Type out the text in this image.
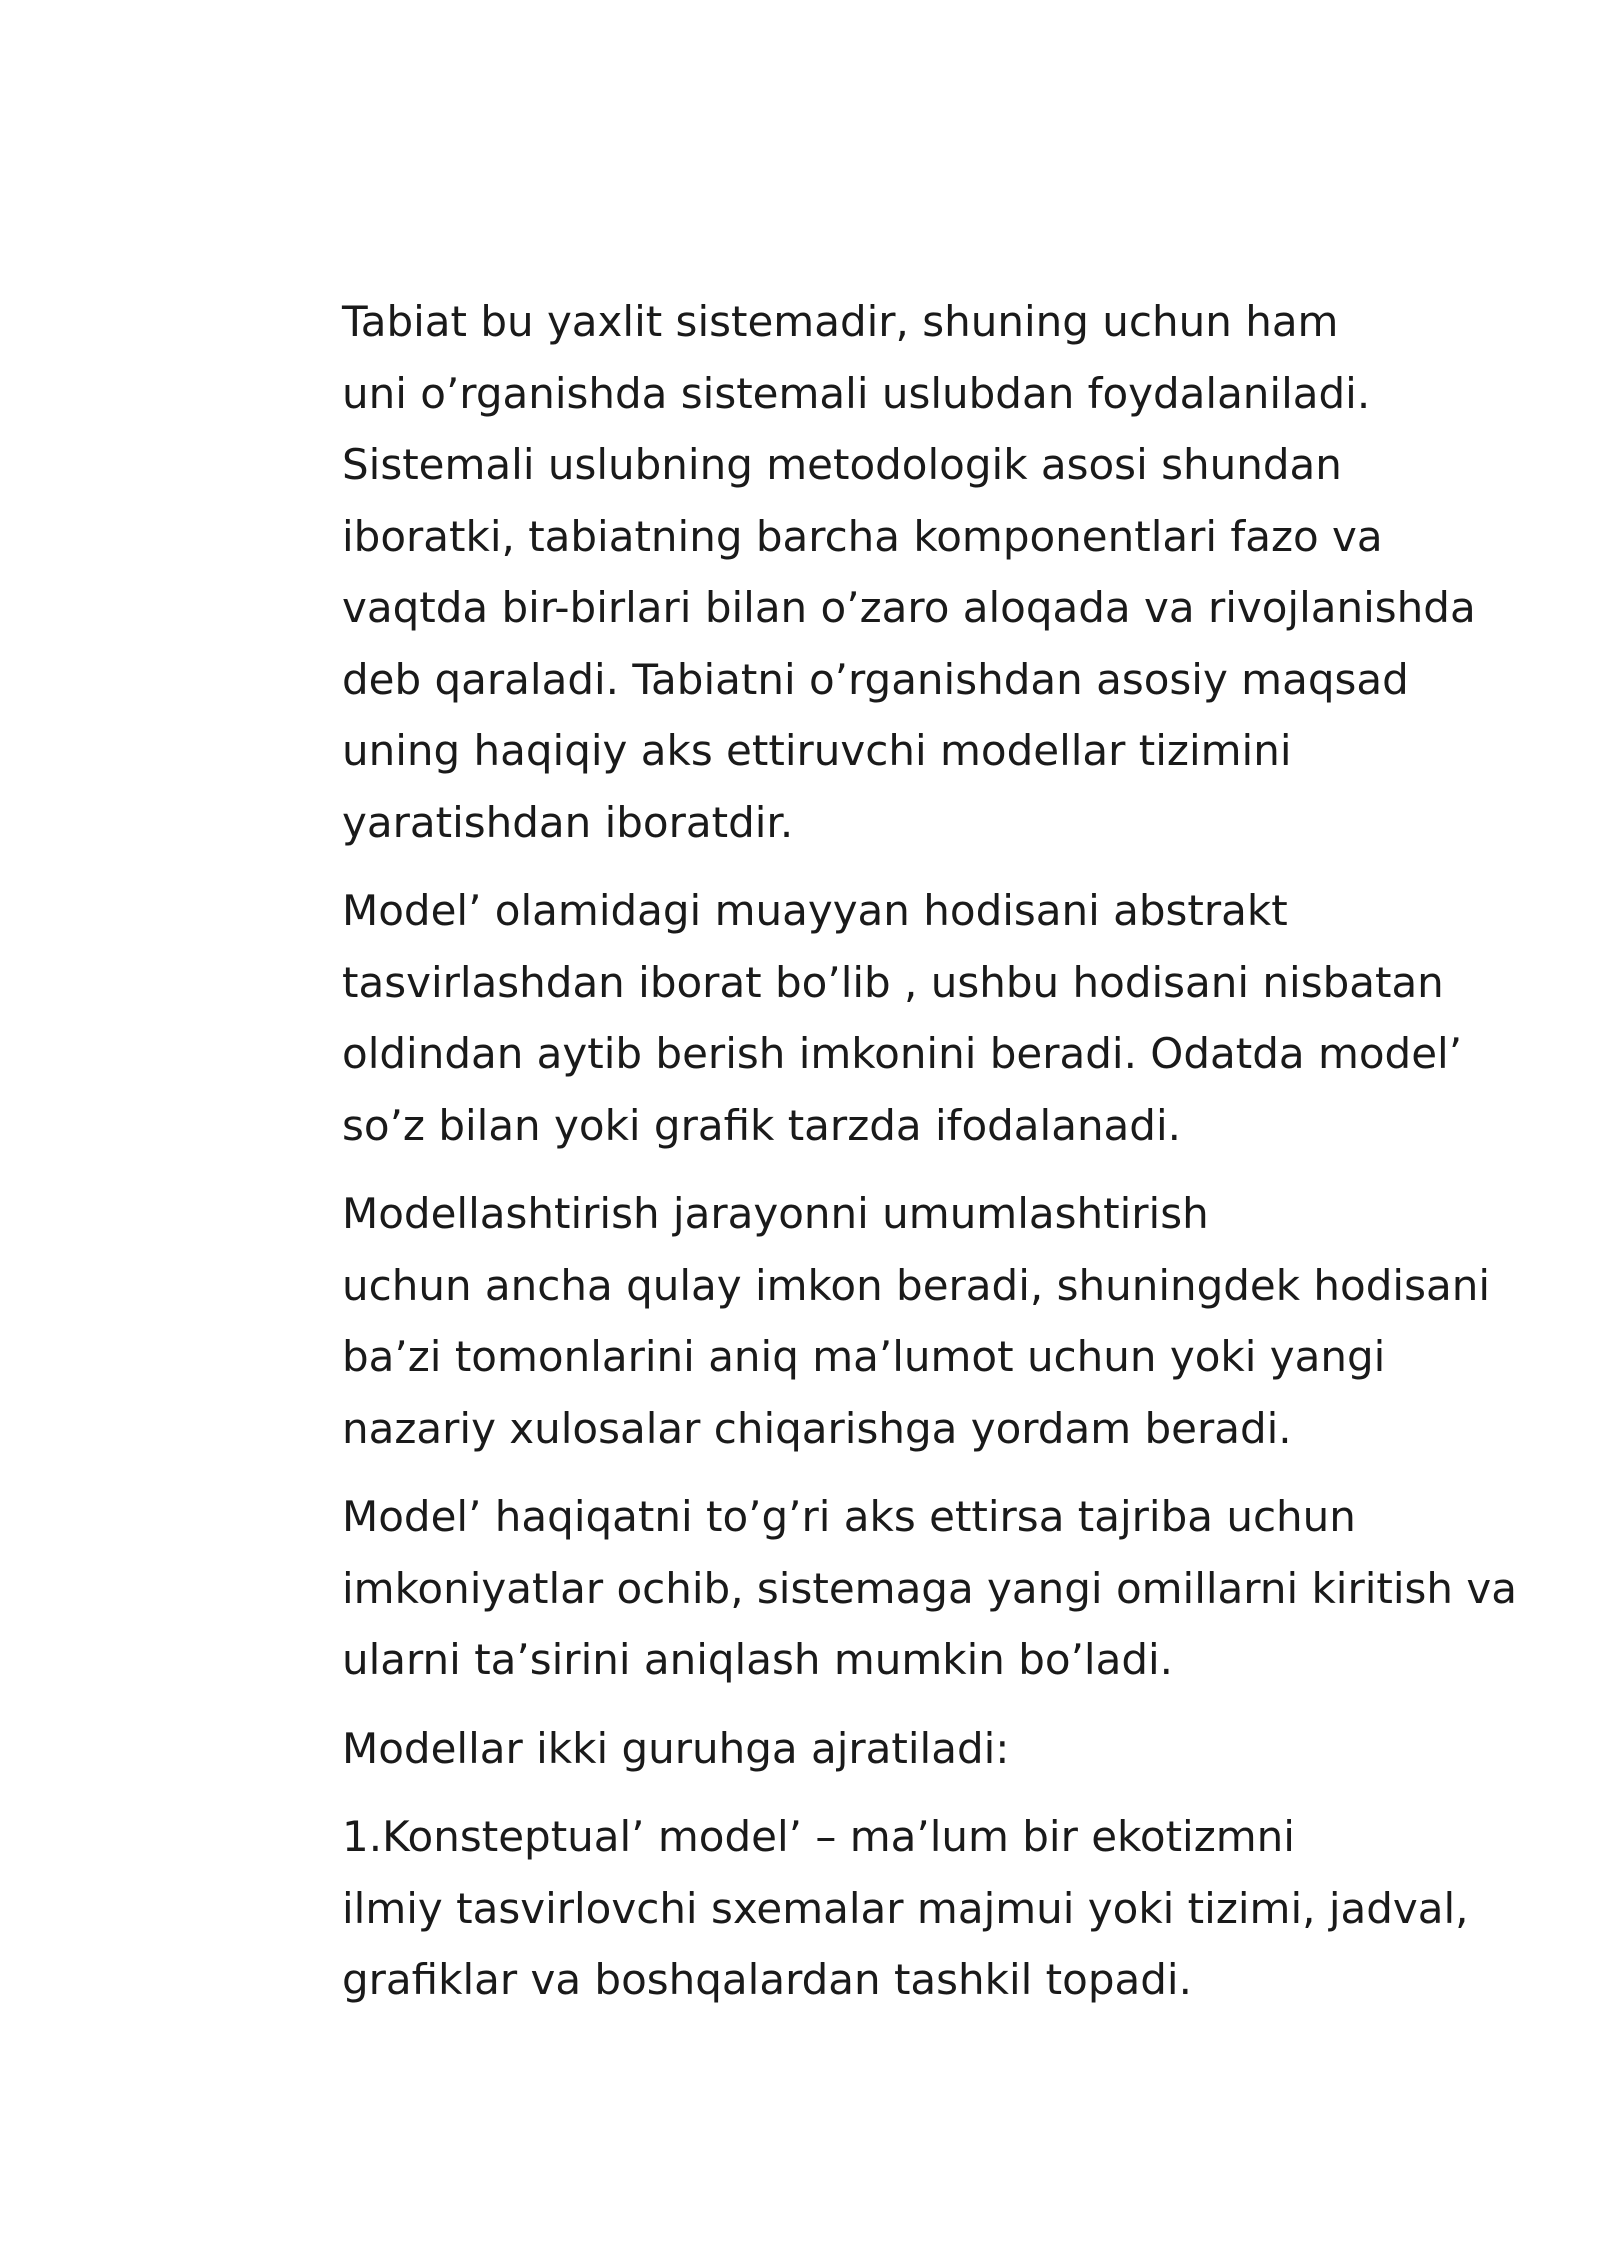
Tabiat bu yaxlit sistemadir, shuning uchun ham
uni o’rganishda sistemali uslubdan foydalaniladi.
Sistemali uslubning metodologik asosi shundan
iboratki, tabiatning barcha komponentlari fazo va
vaqtda bir-birlari bilan o’zaro aloqada va rivojlanishda
deb qaraladi. Tabiatni o’rganishdan asosiy maqsad
uning haqiqiy aks ettiruvchi modellar tizimini
yaratishdan iboratdir.

Model’ olamidagi muayyan hodisani abstrakt
tasvirlashdan iborat bo’lib , ushbu hodisani nisbatan
oldindan aytib berish imkonini beradi. Odatda model’
so’z bilan yoki grafik tarzda ifodalanadi.

Modellashtirish jarayonni umumlashtirish
uchun ancha qulay imkon beradi, shuningdek hodisani
ba’zi tomonlarini aniq ma’lumot uchun yoki yangi
nazariy xulosalar chiqarishga yordam beradi.

Model’ haqiqatni to’g’ri aks ettirsa tajriba uchun
imkoniyatlar ochib, sistemaga yangi omillarni kiritish va
ularni ta’sirini aniqlash mumkin bo’ladi.

Modellar ikki guruhga ajratiladi:

1.Konsteptual’ model’ – ma’lum bir ekotizmni
ilmiy tasvirlovchi sxemalar majmui yoki tizimi, jadval,
grafiklar va boshqalardan tashkil topadi.
